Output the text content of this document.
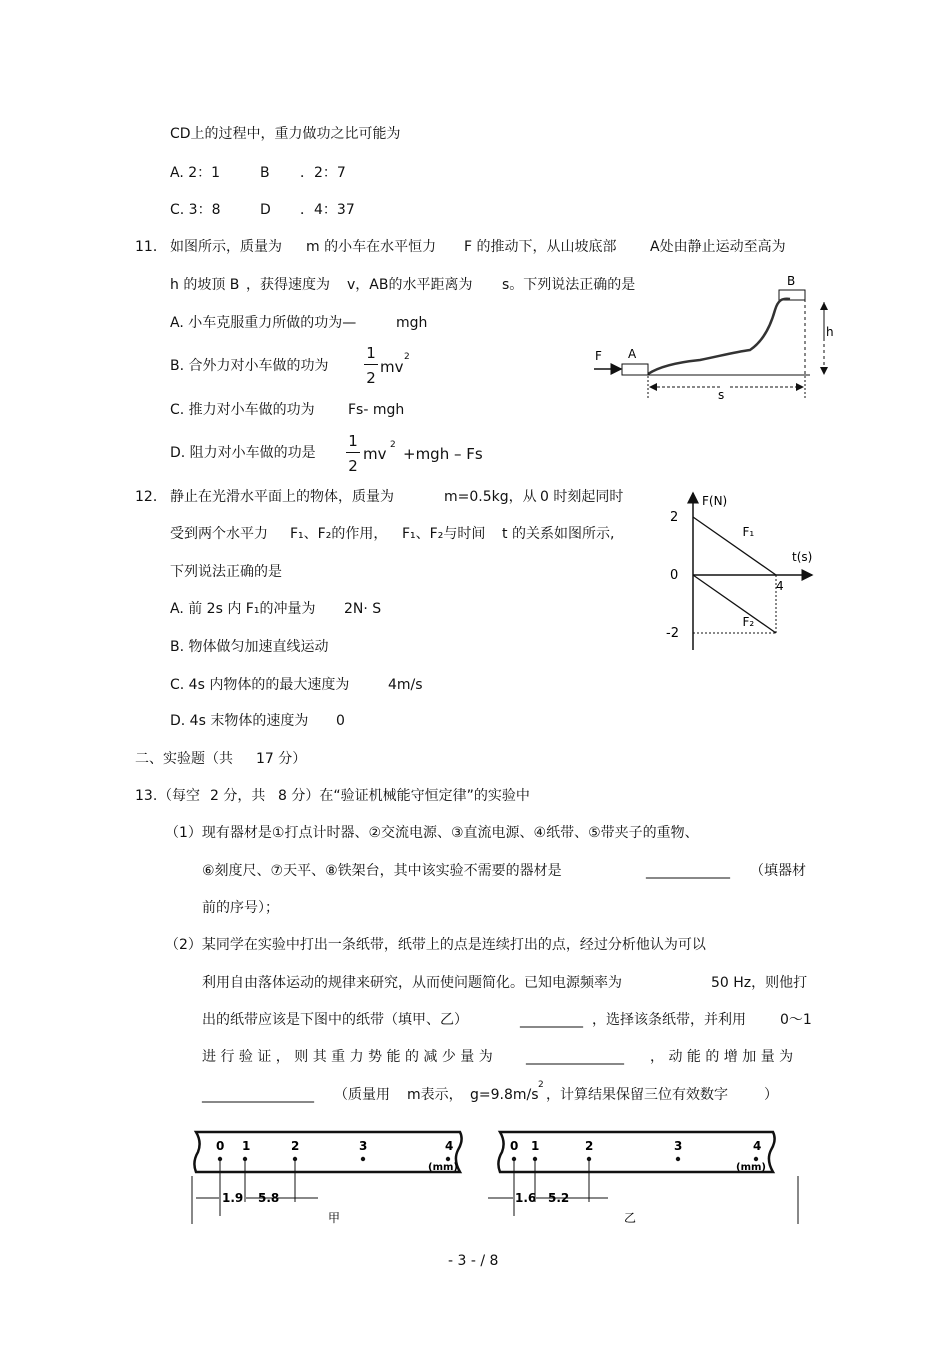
CD上的过程中，重力做功之比可能为
A. 2：1	B ．2：7
C. 3：8	D ．4：37
11． 如图所示，质量为 m 的小车在水平恒力 F 的推动下，从山坡底部 A处由静止运动至高为
h 的坡顶 B ，获得速度为 v，AB的水平距离为 s。下列说法正确的是
A. 小车克服重力所做的功为—	mgh
B. 合外力对小车做的功为
1
2
mv
2
C. 推力对小车做的功为 Fs- mgh
D. 阻力对小车做的功是
1
2
mv 2 +mgh – Fs
B
A
F
h
s
12． 静止在光滑水平面上的物体，质量为	m=0.5kg，从 0 时刻起同时
受到两个水平力 F₁、F₂的作用， F₁、F₂与时间 t 的关系如图所示,
下列说法正确的是
A. 前 2s 内 F₁的冲量为 2N· S
B. 物体做匀加速直线运动
C. 4s 内物体的的最大速度为	4m/s
D. 4s 末物体的速度为 0
F(N)
t(s)
F₁
F₂
2
0
-2
4
二、实验题（共 17 分）
13. （每空 2 分，共 8 分）在“验证机械能守恒定律”的实验中
（1）现有器材是①打点计时器、②交流电源、③直流电源、④纸带、⑤带夹子的重物、
⑥刻度尺、⑦天平、⑧铁架台，其中该实验不需要的器材是	____________ （填器材
前的序号）；
（2）某同学在实验中打出一条纸带，纸带上的点是连续打出的点，经过分析他认为可以
利用自由落体运动的规律来研究，从而使问题简化。已知电源频率为	50 Hz，则他打
出的纸带应该是下图中的纸带（填甲、乙）	_________ ，选择该条纸带，并利用 0～1
进 行 验 证 ， 则 其 重 力 势 能 的 减 少 量 为 ______________ ， 动 能 的 增 加 量 为
________________ （质量用 m表示， g=9.8m/s
2
，计算结果保留三位有效数字	）
0 1	2	3	4
(mm)
1.9 5.8
甲
0 1	2	3	4
(mm)
1.6 5.2
乙
- 3 - / 8
